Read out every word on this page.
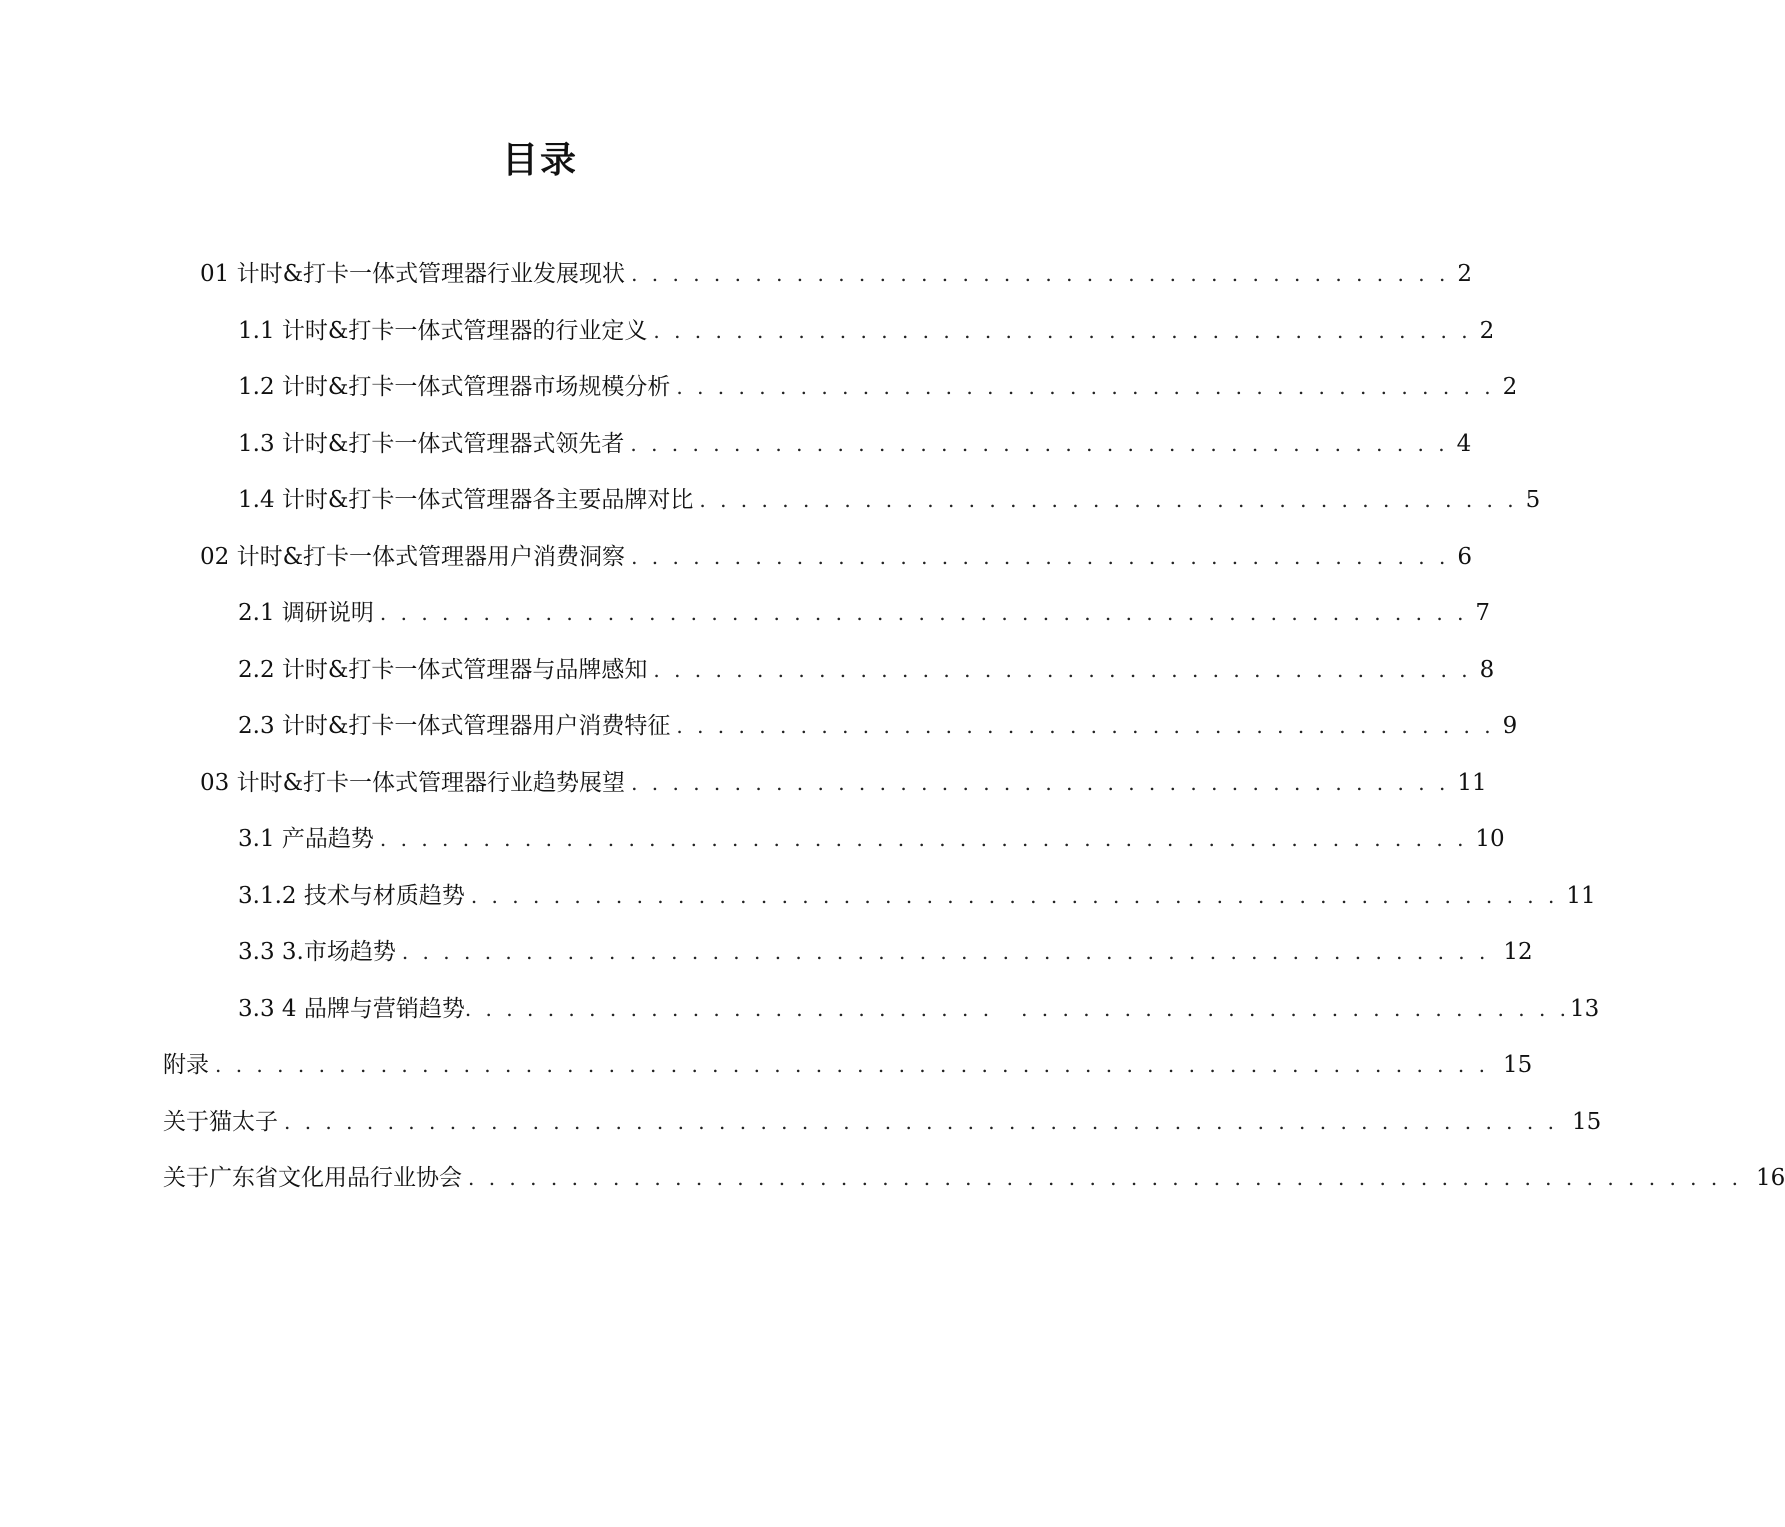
目录
01 计时&打卡一体式管理器行业发展现状 . . . . . . . . . . . . . . . . . . . . . . . . . . . . . . . . . . . . . . . . 2
1.1 计时&打卡一体式管理器的行业定义 . . . . . . . . . . . . . . . . . . . . . . . . . . . . . . . . . . . . . . . . 2
1.2 计时&打卡一体式管理器市场规模分析 . . . . . . . . . . . . . . . . . . . . . . . . . . . . . . . . . . . . . . . . 2
1.3 计时&打卡一体式管理器式领先者 . . . . . . . . . . . . . . . . . . . . . . . . . . . . . . . . . . . . . . . . 4
1.4 计时&打卡一体式管理器各主要品牌对比 . . . . . . . . . . . . . . . . . . . . . . . . . . . . . . . . . . . . . . . . 5
02 计时&打卡一体式管理器用户消费洞察 . . . . . . . . . . . . . . . . . . . . . . . . . . . . . . . . . . . . . . . . 6
2.1 调研说明 . . . . . . . . . . . . . . . . . . . . . . . . . . . . . . . . . . . . . . . . . . . . . . . . . . . . . 7
2.2 计时&打卡一体式管理器与品牌感知 . . . . . . . . . . . . . . . . . . . . . . . . . . . . . . . . . . . . . . . . 8
2.3 计时&打卡一体式管理器用户消费特征 . . . . . . . . . . . . . . . . . . . . . . . . . . . . . . . . . . . . . . . . 9
03 计时&打卡一体式管理器行业趋势展望 . . . . . . . . . . . . . . . . . . . . . . . . . . . . . . . . . . . . . . . . 11
3.1 产品趋势 . . . . . . . . . . . . . . . . . . . . . . . . . . . . . . . . . . . . . . . . . . . . . . . . . . . . . 10
3.1.2 技术与材质趋势 . . . . . . . . . . . . . . . . . . . . . . . . . . . . . . . . . . . . . . . . . . . . . . . . . . . . . 11
3.3 3.市场趋势 . . . . . . . . . . . . . . . . . . . . . . . . . . . . . . . . . . . . . . . . . . . . . . . . . . . . . 12
3.3 4 品牌与营销趋势 . . . . . . . . . . . . . . . . . . . . . . . . . . . . . . . . . . . . . . . . . . . . . . . . . . . . . 13
附录 . . . . . . . . . . . . . . . . . . . . . . . . . . . . . . . . . . . . . . . . . . . . . . . . . . . . . . . . . . . . . . 15
关于猫太子 . . . . . . . . . . . . . . . . . . . . . . . . . . . . . . . . . . . . . . . . . . . . . . . . . . . . . . . . . . . . . . 15
关于广东省文化用品行业协会 . . . . . . . . . . . . . . . . . . . . . . . . . . . . . . . . . . . . . . . . . . . . . . . . . . . . . . . . . . . . . . 16
